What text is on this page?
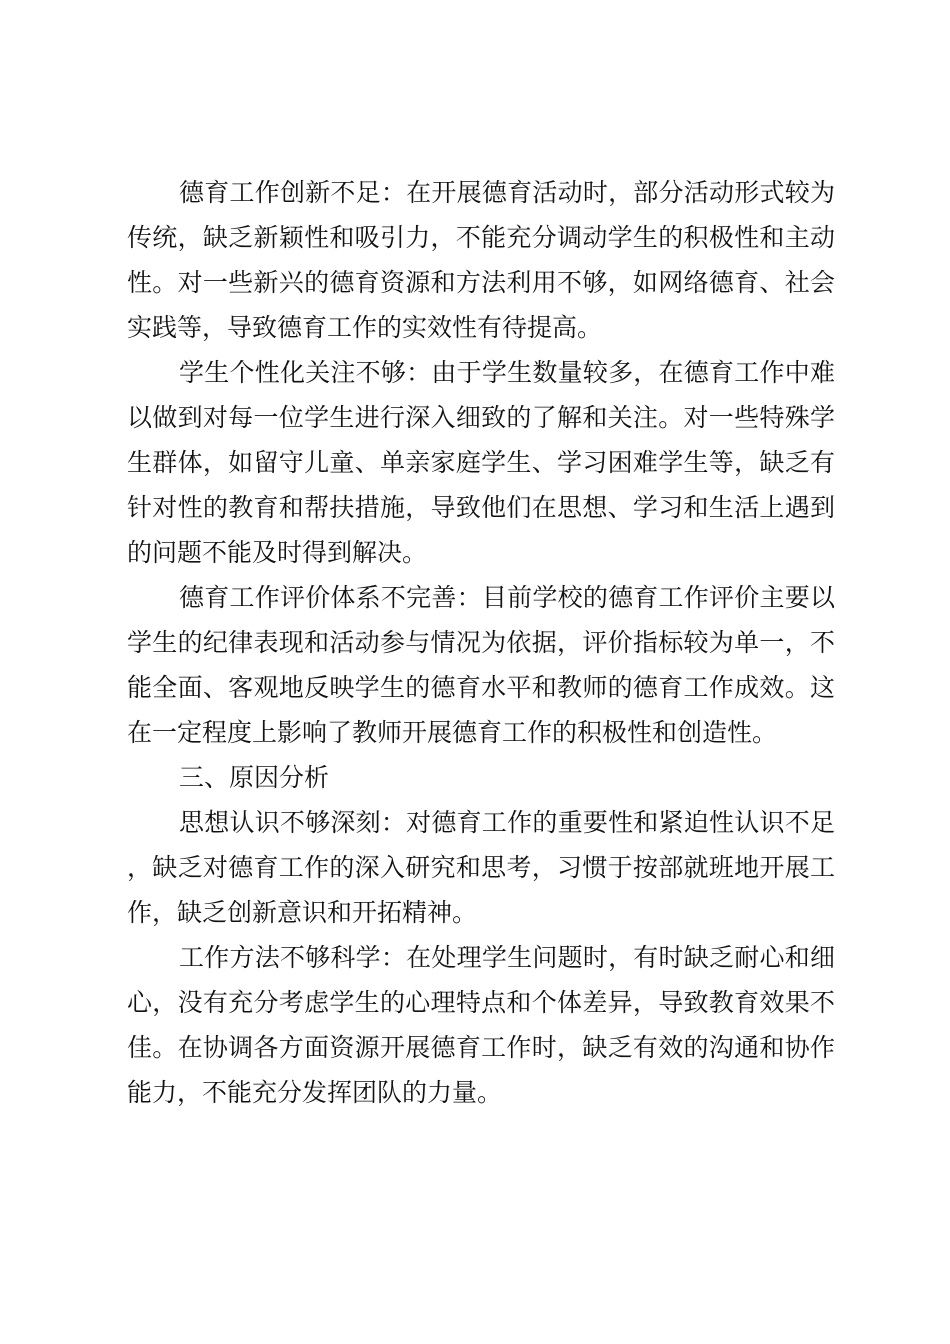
德育工作创新不足：在开展德育活动时，部分活动形式较为传统，缺乏新颖性和吸引力，不能充分调动学生的积极性和主动性。对一些新兴的德育资源和方法利用不够，如网络德育、社会实践等，导致德育工作的实效性有待提高。

学生个性化关注不够：由于学生数量较多，在德育工作中难以做到对每一位学生进行深入细致的了解和关注。对一些特殊学生群体，如留守儿童、单亲家庭学生、学习困难学生等，缺乏有针对性的教育和帮扶措施，导致他们在思想、学习和生活上遇到的问题不能及时得到解决。

德育工作评价体系不完善：目前学校的德育工作评价主要以学生的纪律表现和活动参与情况为依据，评价指标较为单一，不能全面、客观地反映学生的德育水平和教师的德育工作成效。这在一定程度上影响了教师开展德育工作的积极性和创造性。

三、原因分析

思想认识不够深刻：对德育工作的重要性和紧迫性认识不足，缺乏对德育工作的深入研究和思考，习惯于按部就班地开展工作，缺乏创新意识和开拓精神。

工作方法不够科学：在处理学生问题时，有时缺乏耐心和细心，没有充分考虑学生的心理特点和个体差异，导致教育效果不佳。在协调各方面资源开展德育工作时，缺乏有效的沟通和协作能力，不能充分发挥团队的力量。
